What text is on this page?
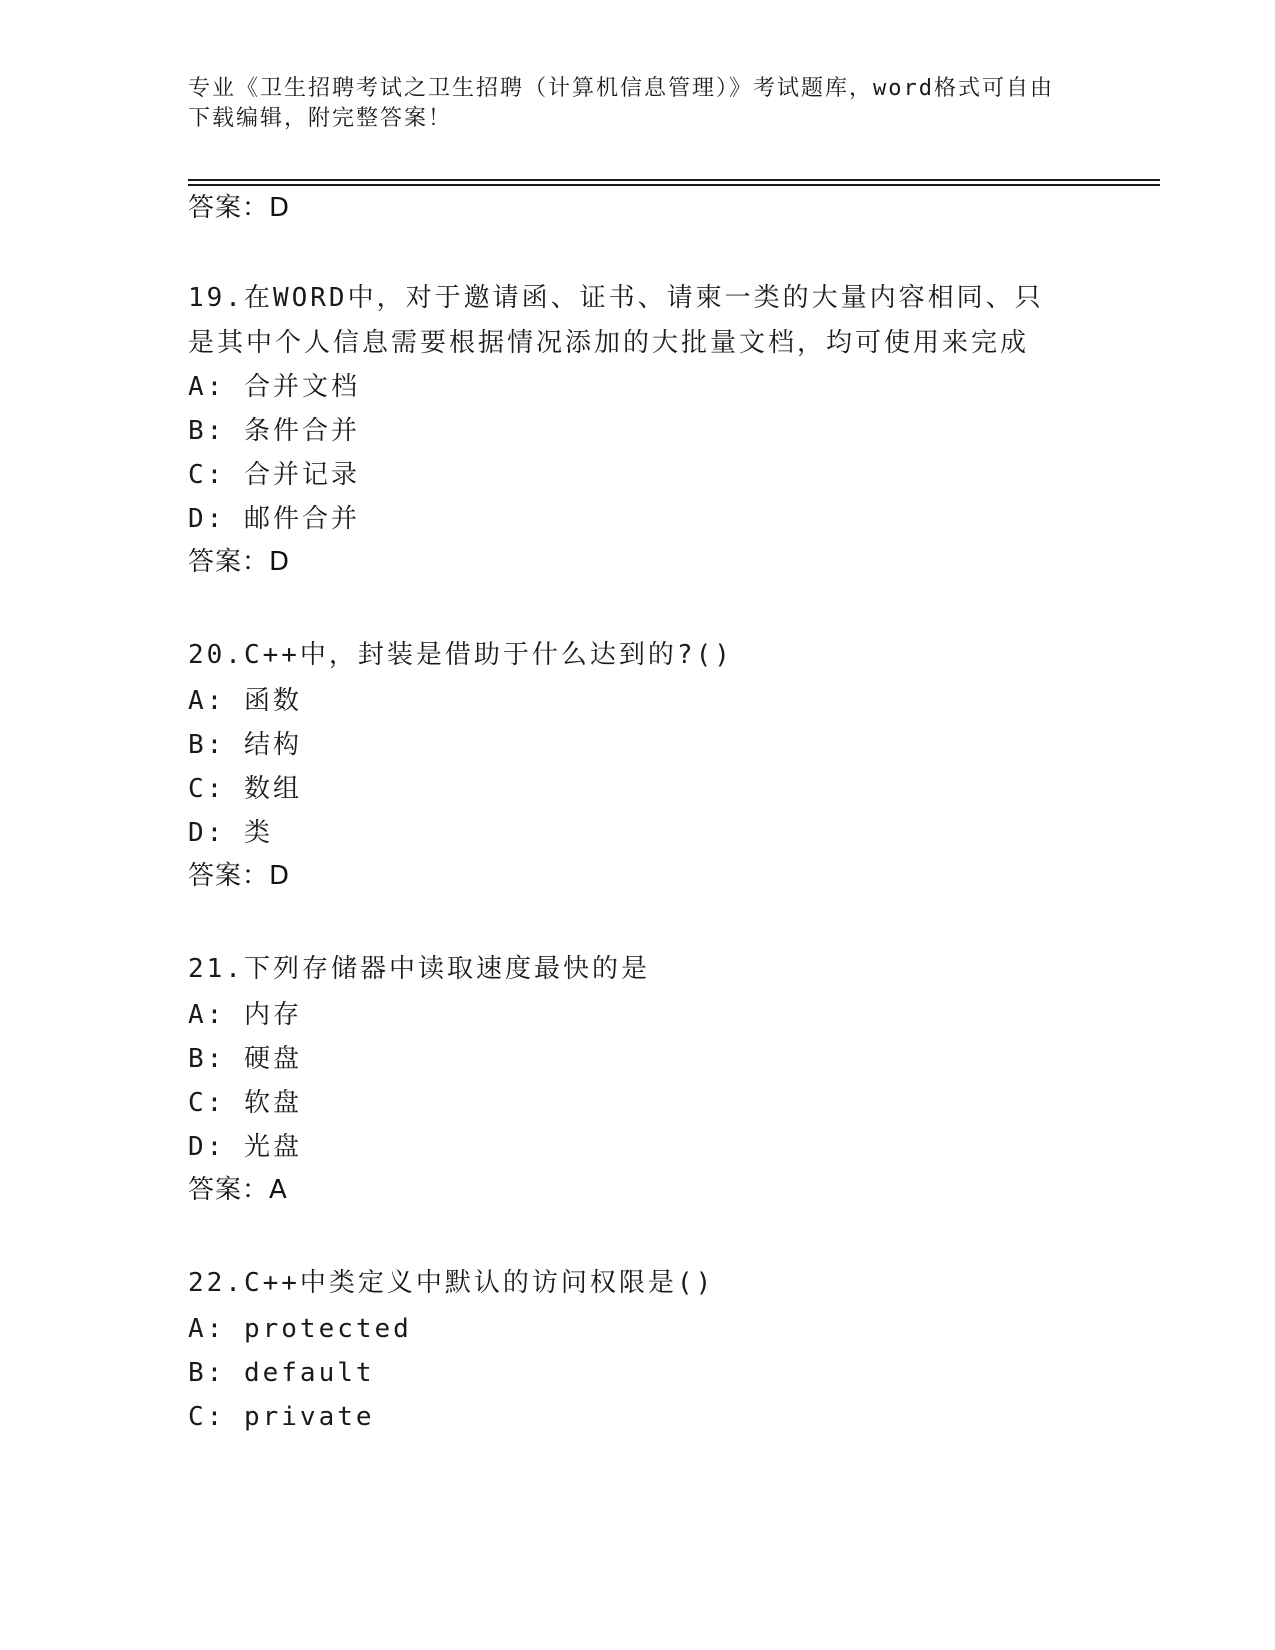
专业《卫生招聘考试之卫生招聘（计算机信息管理）》考试题库，word格式可自由下载编辑，附完整答案！
答案：D
19.在WORD中，对于邀请函、证书、请柬一类的大量内容相同、只是其中个人信息需要根据情况添加的大批量文档，均可使用来完成
A: 合并文档
B: 条件合并
C: 合并记录
D: 邮件合并
答案：D
20.C++中，封装是借助于什么达到的?()
A: 函数
B: 结构
C: 数组
D: 类
答案：D
21.下列存储器中读取速度最快的是
A: 内存
B: 硬盘
C: 软盘
D: 光盘
答案：A
22.C++中类定义中默认的访问权限是()
A: protected
B: default
C: private
